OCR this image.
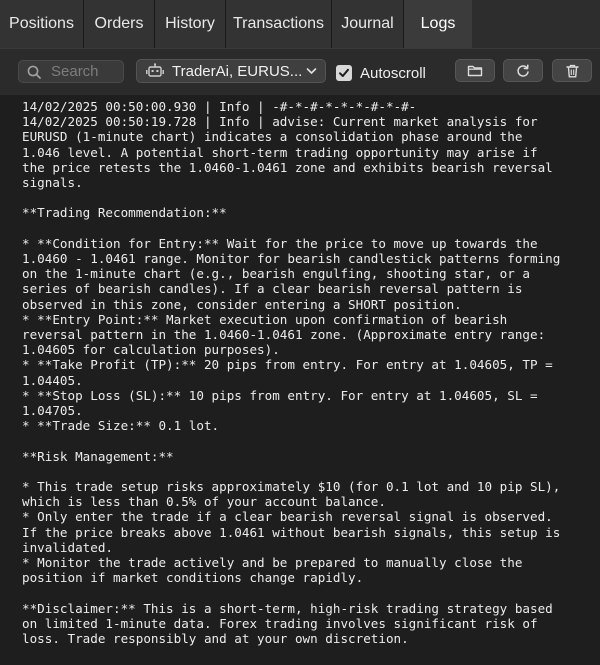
Positions	Orders	History	Transactions	Journal	Logs
Search
TraderAi, EURUS...	Autoscroll
14/02/2025 00:50:00.930 | Info | -#-*-#-*-*-*-#-*-#-
14/02/2025 00:50:19.728 | Info | advise: Current market analysis for
EURUSD (1-minute chart) indicates a consolidation phase around the
1.046 level. A potential short-term trading opportunity may arise if
the price retests the 1.0460-1.0461 zone and exhibits bearish reversal
signals.
**Trading Recommendation:**
* **Condition for Entry:** Wait for the price to move up towards the
1.0460 - 1.0461 range. Monitor for bearish candlestick patterns forming
on the 1-minute chart (e.g., bearish engulfing, shooting star, or a
series of bearish candles). If a clear bearish reversal pattern is
observed in this zone, consider entering a SHORT position.
* **Entry Point:** Market execution upon confirmation of bearish
reversal pattern in the 1.0460-1.0461 zone. (Approximate entry range:
1.04605 for calculation purposes).
* **Take Profit (TP):** 20 pips from entry. For entry at 1.04605, TP =
1.04405.
* **Stop Loss (SL):** 10 pips from entry. For entry at 1.04605, SL =
1.04705.
* **Trade Size:** 0.1 lot.
**Risk Management:**
* This trade setup risks approximately $10 (for 0.1 lot and 10 pip SL),
which is less than 0.5% of your account balance.
* Only enter the trade if a clear bearish reversal signal is observed.
If the price breaks above 1.0461 without bearish signals, this setup is
invalidated.
* Monitor the trade actively and be prepared to manually close the
position if market conditions change rapidly.
**Disclaimer:** This is a short-term, high-risk trading strategy based
on limited 1-minute data. Forex trading involves significant risk of
loss. Trade responsibly and at your own discretion.
